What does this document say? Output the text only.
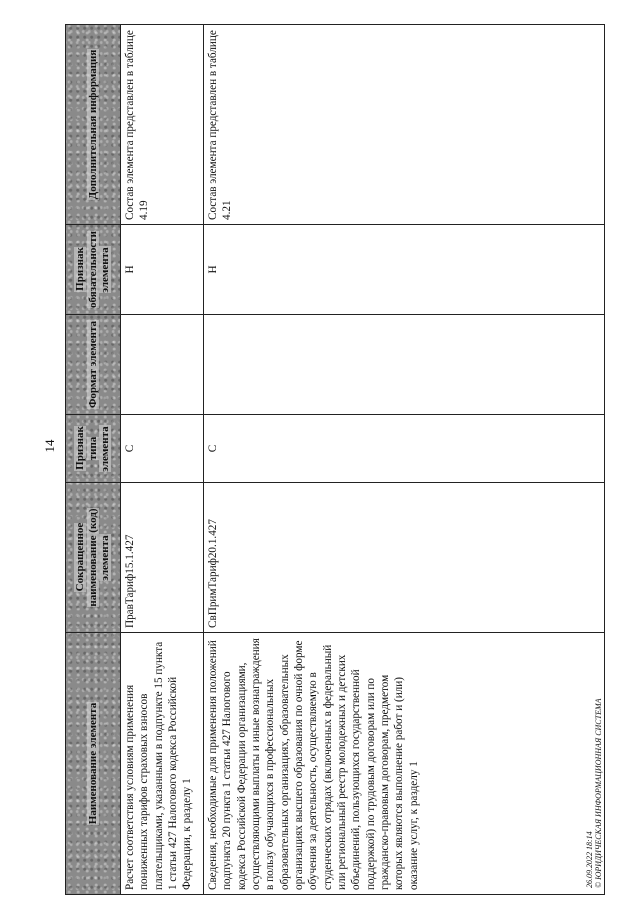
14
Наименование элемента	Сокращенное наименование (код) элемента	Признак типа элемента	Формат элемента	Признак обязательности элемента	Дополнительная информация
Расчет соответствия условиям применения пониженных тарифов страховых взносов плательщиками, указанными в подпункте 15 пункта 1 статьи 427 Налогового кодекса Российской Федерации, к разделу 1	ПравТариф15.1.427	С		Н	Состав элемента представлен в таблице 4.19
Сведения, необходимые для применения положений подпункта 20 пункта 1 статьи 427 Налогового кодекса Российской Федерации организациями, осуществляющими выплаты и иные вознаграждения в пользу обучающихся в профессиональных образовательных организациях, образовательных организациях высшего образования по очной форме обучения за деятельность, осуществляемую в студенческих отрядах (включенных в федеральный или региональный реестр молодежных и детских объединений, пользующихся государственной поддержкой) по трудовым договорам или по гражданско-правовым договорам, предметом которых являются выполнение работ и (или) оказание услуг, к разделу 1	СвПримТариф20.1.427	С		Н	Состав элемента представлен в таблице 4.21
26.09.2022 18:14 © ЮРИДИЧЕСКАЯ ИНФОРМАЦИОННАЯ СИСТЕМА
